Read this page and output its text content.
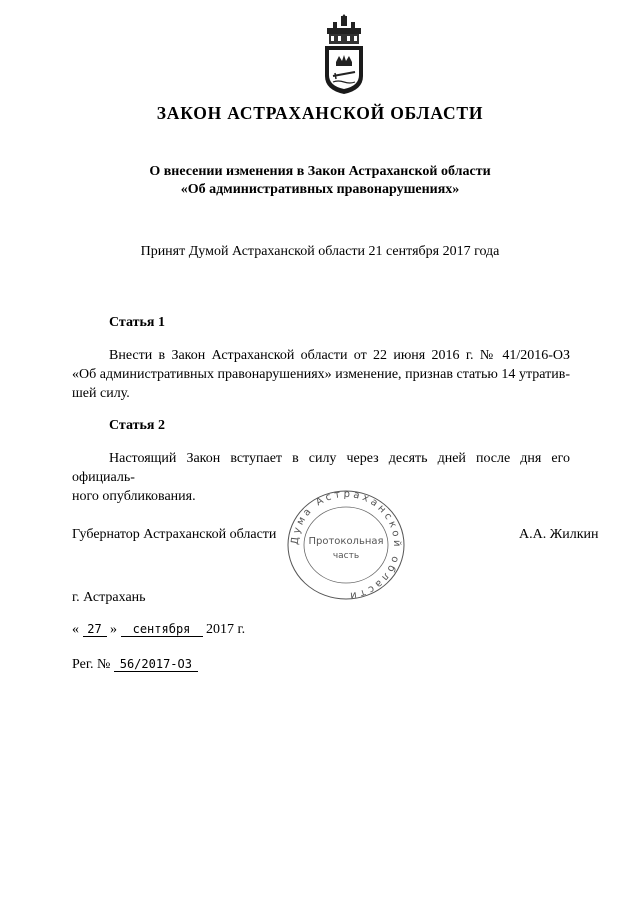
ЗАКОН АСТРАХАНСКОЙ ОБЛАСТИ
О внесении изменения в Закон Астраханской области
«Об административных правонарушениях»
Принят Думой Астраханской области 21 сентября 2017 года
Статья 1
Внести в Закон Астраханской области от 22 июня 2016 г. № 41/2016-ОЗ
«Об административных правонарушениях» изменение, признав статью 14 утратив-
шей силу.
Статья 2
Настоящий Закон вступает в силу через десять дней после дня его официаль-
ного опубликования.
Дума Астраханской области
Протокольная
часть
Губернатор Астраханской области	А.А. Жилкин
г. Астрахань
« 27 » сентября 2017 г.
Рег. № 56/2017-ОЗ
